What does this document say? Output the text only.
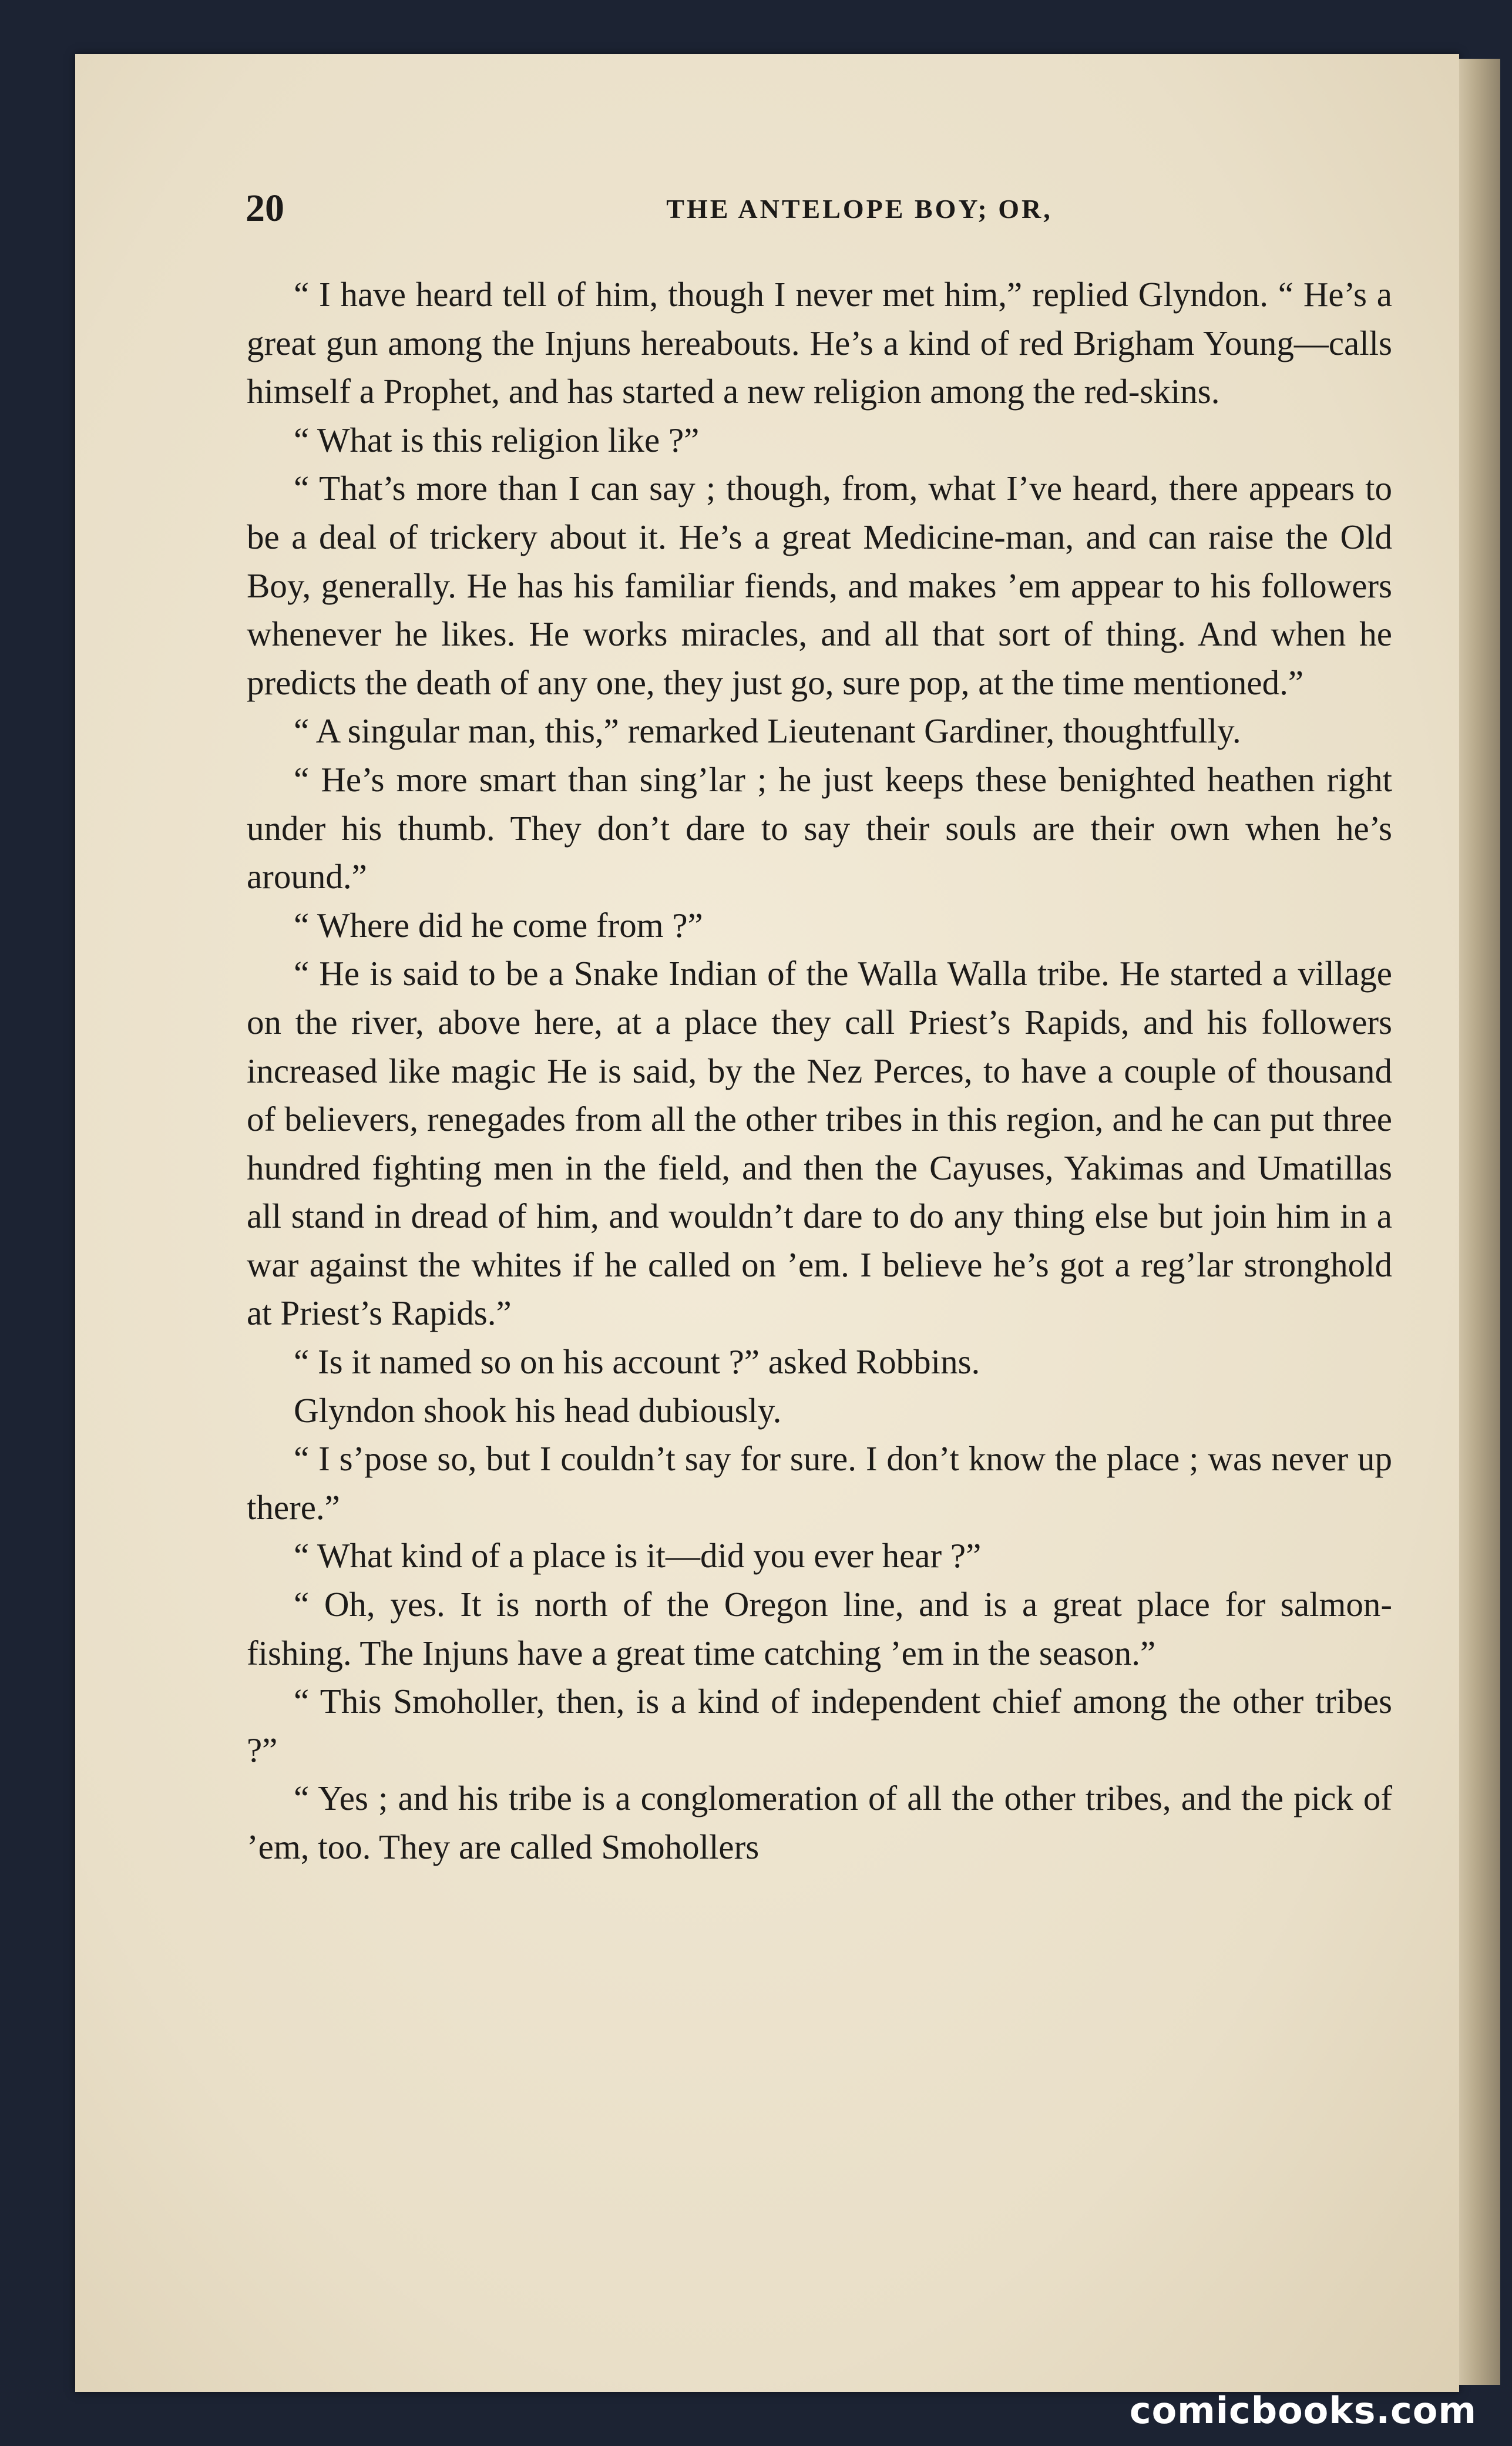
20	THE ANTELOPE BOY; OR,

“ I have heard tell of him, though I never met him,” replied Glyndon. “ He’s a great gun among the Injuns hereabouts. He’s a kind of red Brigham Young—calls himself a Prophet, and has started a new religion among the red-skins.

“ What is this religion like ?”

“ That’s more than I can say ; though, from, what I’ve heard, there appears to be a deal of trickery about it. He’s a great Medicine-man, and can raise the Old Boy, generally. He has his familiar fiends, and makes ’em appear to his followers whenever he likes. He works miracles, and all that sort of thing. And when he predicts the death of any one, they just go, sure pop, at the time mentioned.”

“ A singular man, this,” remarked Lieutenant Gardiner, thoughtfully.

“ He’s more smart than sing’lar ; he just keeps these benighted heathen right under his thumb. They don’t dare to say their souls are their own when he’s around.”

“ Where did he come from ?”

“ He is said to be a Snake Indian of the Walla Walla tribe. He started a village on the river, above here, at a place they call Priest’s Rapids, and his followers increased like magic He is said, by the Nez Perces, to have a couple of thousand of believers, renegades from all the other tribes in this region, and he can put three hundred fighting men in the field, and then the Cayuses, Yakimas and Umatillas all stand in dread of him, and wouldn’t dare to do any thing else but join him in a war against the whites if he called on ’em. I believe he’s got a reg’lar stronghold at Priest’s Rapids.”

“ Is it named so on his account ?” asked Robbins.

Glyndon shook his head dubiously.

“ I s’pose so, but I couldn’t say for sure. I don’t know the place ; was never up there.”

“ What kind of a place is it—did you ever hear ?”

“ Oh, yes. It is north of the Oregon line, and is a great place for salmon-fishing. The Injuns have a great time catching ’em in the season.”

“ This Smoholler, then, is a kind of independent chief among the other tribes ?”

“ Yes ; and his tribe is a conglomeration of all the other tribes, and the pick of ’em, too. They are called Smohollers

comicbooks.com
